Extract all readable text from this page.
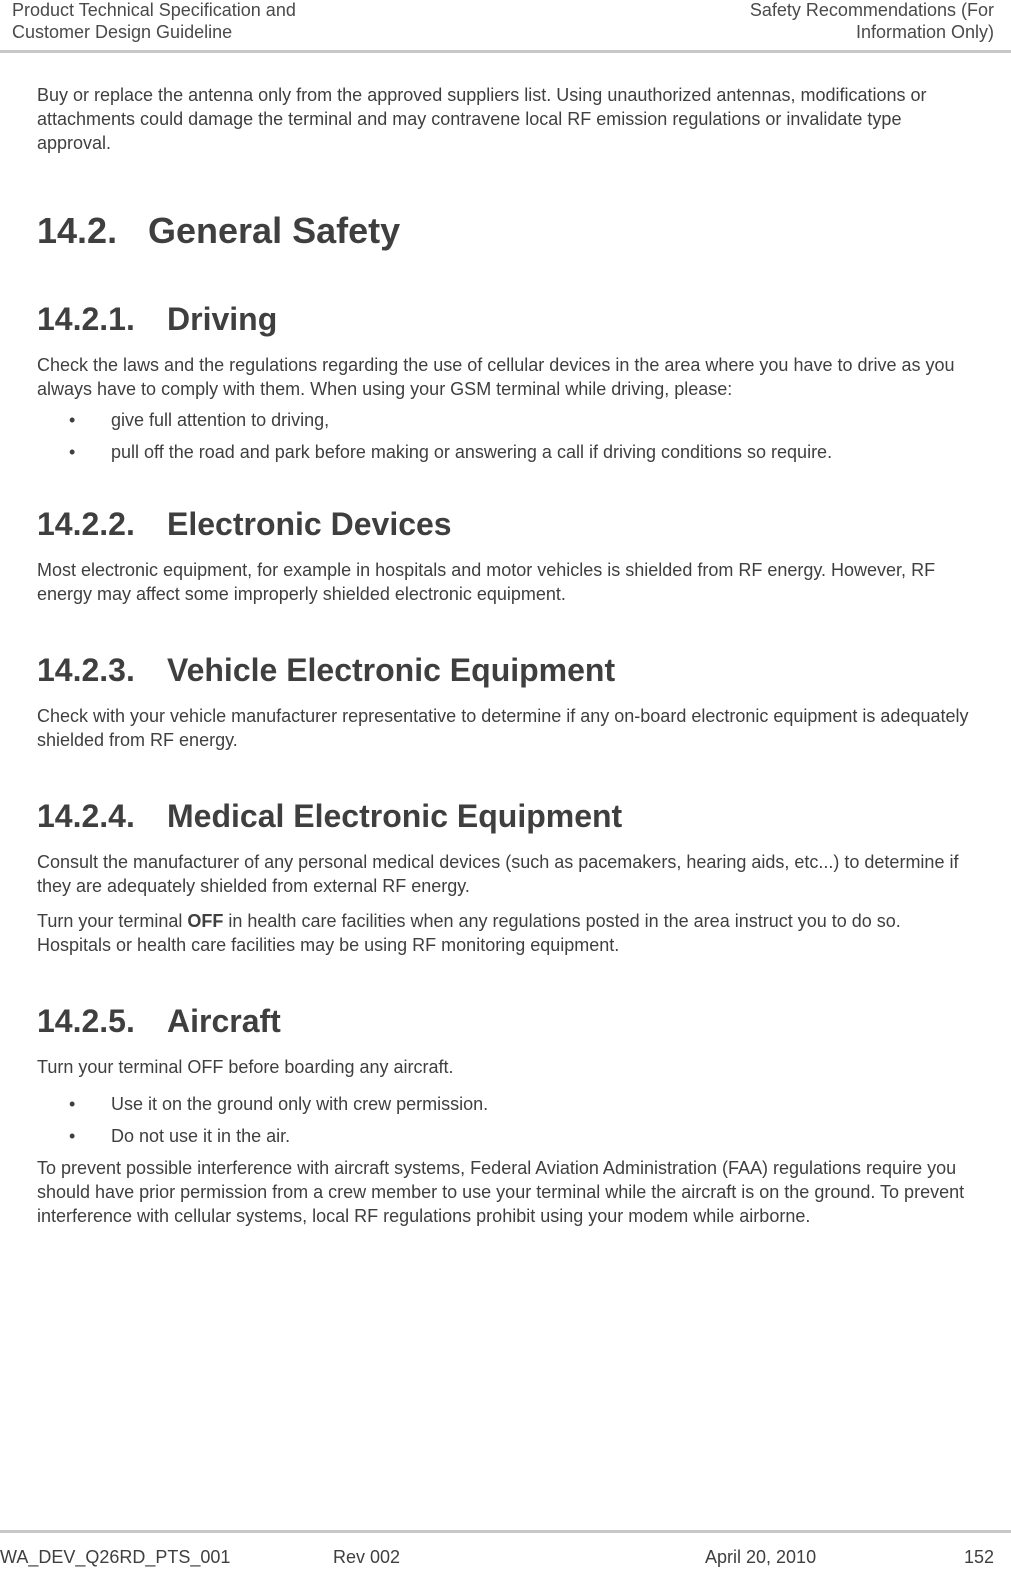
Product Technical Specification and
Customer Design Guideline
Safety Recommendations (For
Information Only)

Buy or replace the antenna only from the approved suppliers list. Using unauthorized antennas, modifications or attachments could damage the terminal and may contravene local RF emission regulations or invalidate type approval.

14.2. General Safety
14.2.1. Driving

Check the laws and the regulations regarding the use of cellular devices in the area where you have to drive as you always have to comply with them. When using your GSM terminal while driving, please:

• give full attention to driving,
• pull off the road and park before making or answering a call if driving conditions so require.
14.2.2. Electronic Devices

Most electronic equipment, for example in hospitals and motor vehicles is shielded from RF energy. However, RF energy may affect some improperly shielded electronic equipment.

14.2.3. Vehicle Electronic Equipment

Check with your vehicle manufacturer representative to determine if any on-board electronic equipment is adequately shielded from RF energy.

14.2.4. Medical Electronic Equipment

Consult the manufacturer of any personal medical devices (such as pacemakers, hearing aids, etc...) to determine if they are adequately shielded from external RF energy.

Turn your terminal OFF in health care facilities when any regulations posted in the area instruct you to do so. Hospitals or health care facilities may be using RF monitoring equipment.

14.2.5. Aircraft

Turn your terminal OFF before boarding any aircraft.

• Use it on the ground only with crew permission.
• Do not use it in the air.

To prevent possible interference with aircraft systems, Federal Aviation Administration (FAA) regulations require you should have prior permission from a crew member to use your terminal while the aircraft is on the ground. To prevent interference with cellular systems, local RF regulations prohibit using your modem while airborne.

WA_DEV_Q26RD_PTS_001	Rev 002	April 20, 2010	152
